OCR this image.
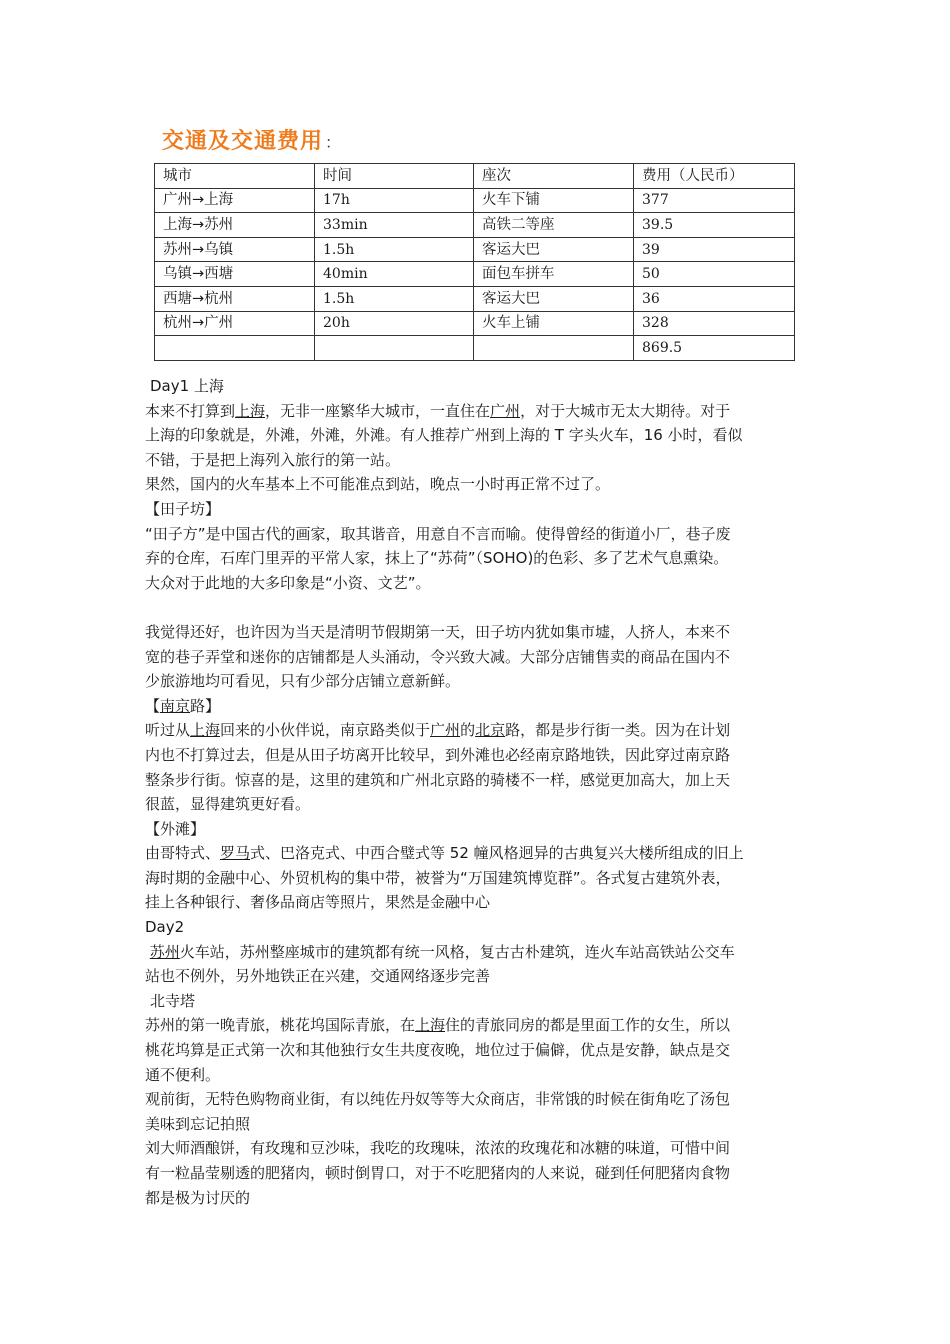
交通及交通费用 ：
城市	时间	座次	费用（人民币）
广州→上海	17h	火车下铺	377
上海→苏州	33min	高铁二等座	39.5
苏州→乌镇	1.5h	客运大巴	39
乌镇→西塘	40min	面包车拼车	50
西塘→杭州	1.5h	客运大巴	36
杭州→广州	20h	火车上铺	328
			869.5

Day1 上海

本来不打算到上海，无非一座繁华大城市，一直住在广州，对于大城市无太大期待。对于

上海的印象就是，外滩，外滩，外滩。有人推荐广州到上海的 T 字头火车，16 小时，看似

不错，于是把上海列入旅行的第一站。

果然，国内的火车基本上不可能准点到站，晚点一小时再正常不过了。

【田子坊】

“田子方”是中国古代的画家，取其谐音，用意自不言而喻。使得曾经的街道小厂，巷子废

弃的仓库，石库门里弄的平常人家，抹上了“苏荷”（SOHO)的色彩、多了艺术气息熏染。

大众对于此地的大多印象是“小资、文艺”。

我觉得还好，也许因为当天是清明节假期第一天，田子坊内犹如集市墟，人挤人，本来不

宽的巷子弄堂和迷你的店铺都是人头涌动，令兴致大减。大部分店铺售卖的商品在国内不

少旅游地均可看见，只有少部分店铺立意新鲜。

【南京路】

听过从上海回来的小伙伴说，南京路类似于广州的北京路，都是步行街一类。因为在计划

内也不打算过去，但是从田子坊离开比较早，到外滩也必经南京路地铁，因此穿过南京路

整条步行街。惊喜的是，这里的建筑和广州北京路的骑楼不一样，感觉更加高大，加上天

很蓝，显得建筑更好看。

【外滩】

由哥特式、罗马式、巴洛克式、中西合璧式等 52 幢风格迥异的古典复兴大楼所组成的旧上

海时期的金融中心、外贸机构的集中带，被誉为“万国建筑博览群”。各式复古建筑外表，

挂上各种银行、奢侈品商店等照片，果然是金融中心

Day2

苏州火车站，苏州整座城市的建筑都有统一风格，复古古朴建筑，连火车站高铁站公交车

站也不例外，另外地铁正在兴建，交通网络逐步完善

北寺塔

苏州的第一晚青旅，桃花坞国际青旅，在上海住的青旅同房的都是里面工作的女生，所以

桃花坞算是正式第一次和其他独行女生共度夜晚，地位过于偏僻，优点是安静，缺点是交

通不便利。

观前街，无特色购物商业街，有以纯佐丹奴等等大众商店，非常饿的时候在街角吃了汤包

美味到忘记拍照

刘大师酒酿饼，有玫瑰和豆沙味，我吃的玫瑰味，浓浓的玫瑰花和冰糖的味道，可惜中间

有一粒晶莹剔透的肥猪肉，顿时倒胃口，对于不吃肥猪肉的人来说，碰到任何肥猪肉食物

都是极为讨厌的
